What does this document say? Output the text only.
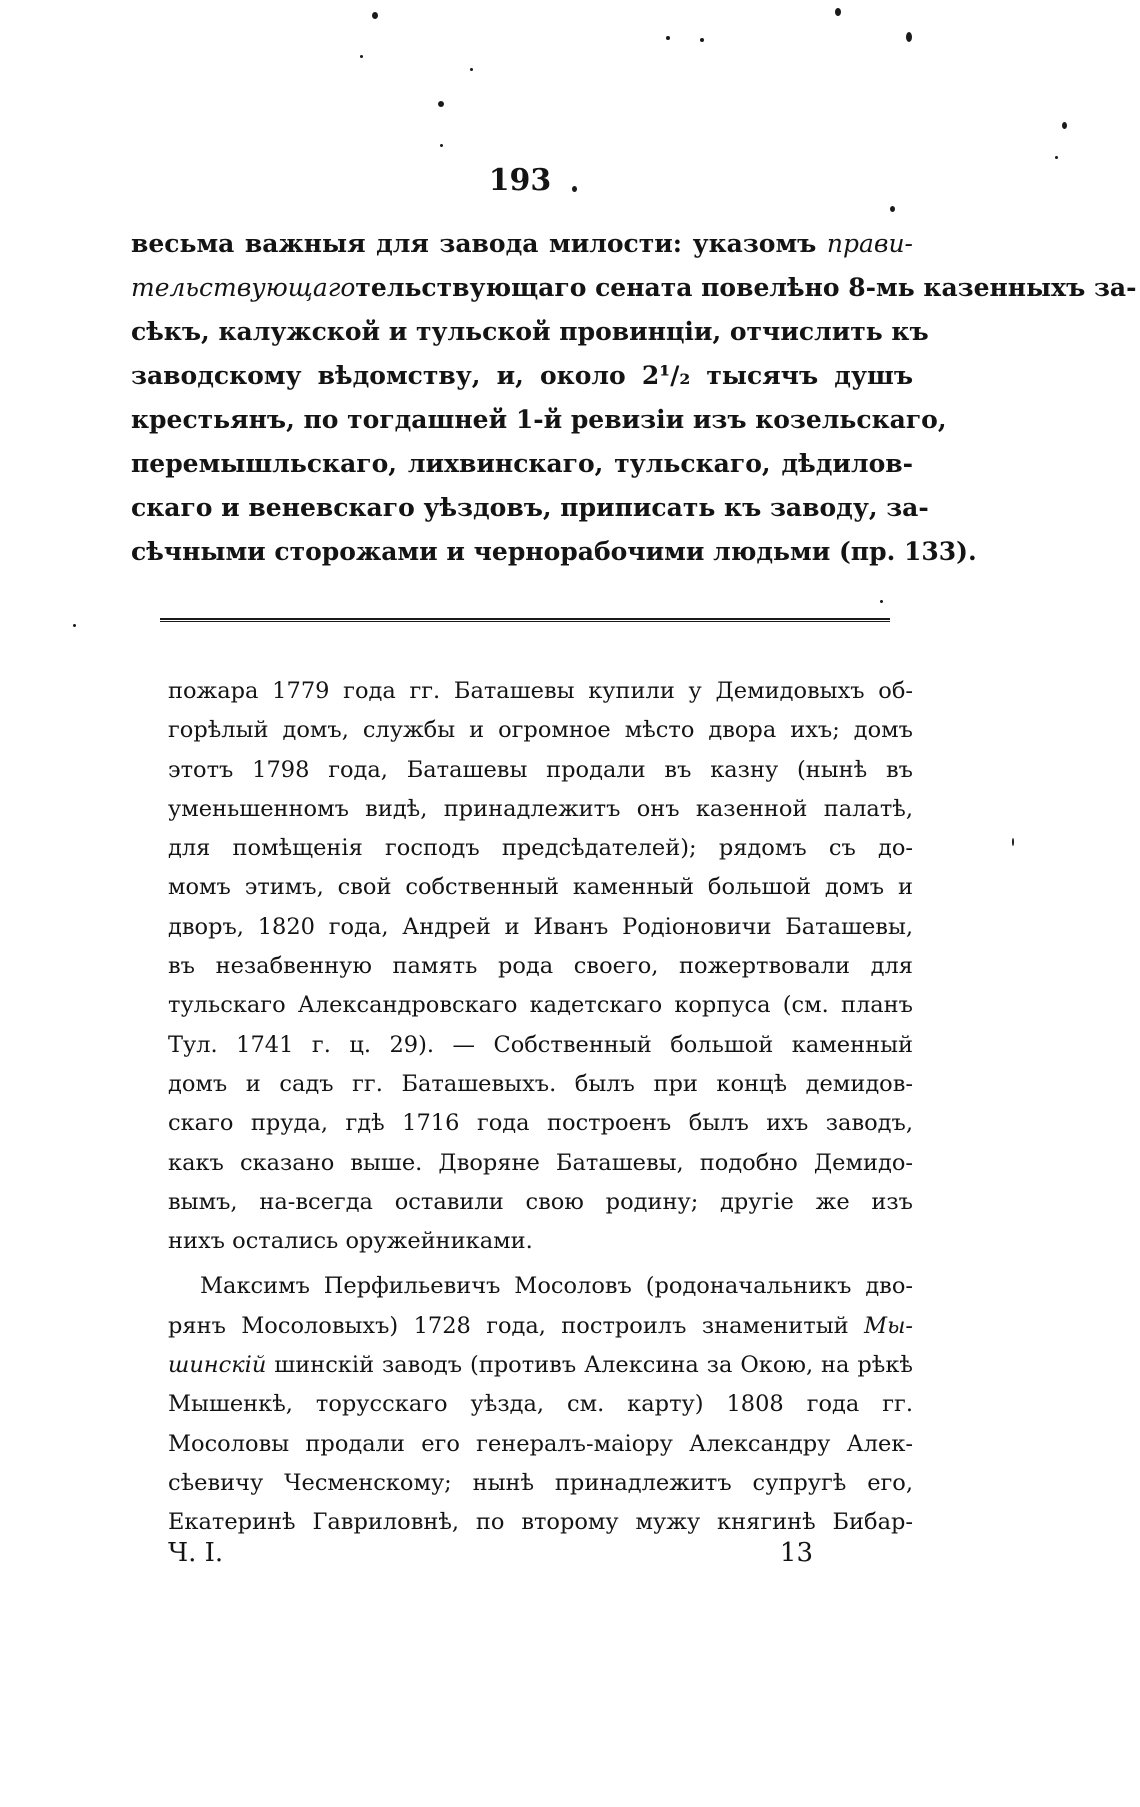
193
весьма важныя для завода милости: указомъ прави-
тельствующаготельствующаго сената повелѣно 8-мь казенныхъ за-
сѣкъ, калужской и тульской провинціи, отчислить къ
заводскому вѣдомству, и, около 2¹/₂ тысячъ душъ
крестьянъ, по тогдашней 1-й ревизіи изъ козельскаго,
перемышльскаго, лихвинскаго, тульскаго, дѣдилов-
скаго и веневскаго уѣздовъ, приписать къ заводу, за-
сѣчными сторожами и чернорабочими людьми (пр. 133).
пожара 1779 года гг. Баташевы купили у Демидовыхъ об-
горѣлый домъ, службы и огромное мѣсто двора ихъ; домъ
этотъ 1798 года, Баташевы продали въ казну (нынѣ въ
уменьшенномъ видѣ, принадлежитъ онъ казенной палатѣ,
для помѣщенія господъ предсѣдателей); рядомъ съ до-
момъ этимъ, свой собственный каменный большой домъ и
дворъ, 1820 года, Андрей и Иванъ Родіоновичи Баташевы,
въ незабвенную память рода своего, пожертвовали для
тульскаго Александровскаго кадетскаго корпуса (см. планъ
Тул. 1741 г. ц. 29). — Собственный большой каменный
домъ и садъ гг. Баташевыхъ. былъ при концѣ демидов-
скаго пруда, гдѣ 1716 года построенъ былъ ихъ заводъ,
какъ сказано выше. Дворяне Баташевы, подобно Демидо-
вымъ, на-всегда оставили свою родину; другіе же изъ
нихъ остались оружейниками.
Максимъ Перфильевичъ Мосоловъ (родоначальникъ дво-
рянъ Мосоловыхъ) 1728 года, построилъ знаменитый Мы-
шинскій шинскій заводъ (противъ Алексина за Окою, на рѣкѣ
Мышенкѣ, торусскаго уѣзда, см. карту) 1808 года гг.
Мосоловы продали его генералъ-маіору Александру Алек-
сѣевичу Чесменскому; нынѣ принадлежитъ супругѣ его,
Екатеринѣ Гавриловнѣ, по второму мужу княгинѣ Бибар-
Ч. I.	13
